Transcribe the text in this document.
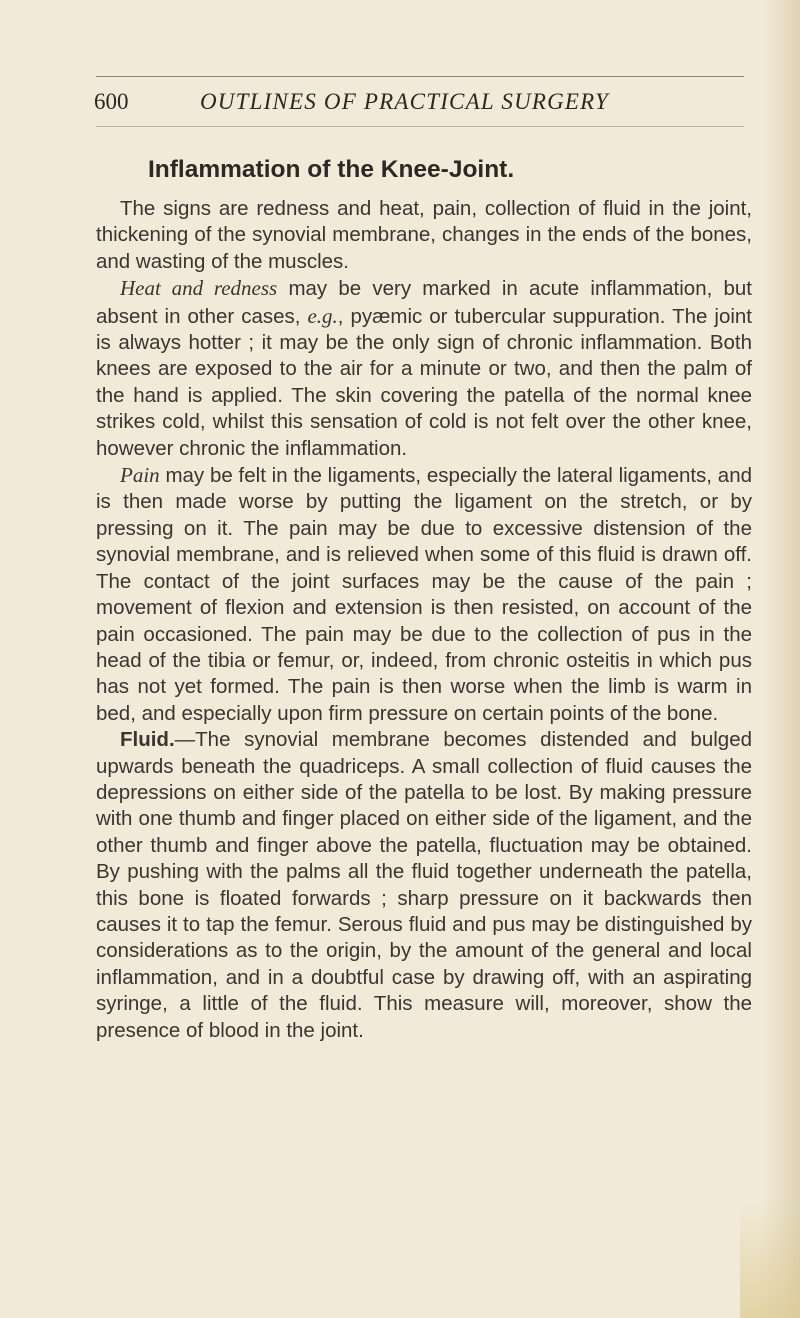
600	OUTLINES OF PRACTICAL SURGERY
Inflammation of the Knee-Joint.

The signs are redness and heat, pain, collection of fluid in the joint, thickening of the synovial membrane, changes in the ends of the bones, and wasting of the muscles.

Heat and redness may be very marked in acute inflammation, but absent in other cases, e.g., pyæmic or tubercular suppuration. The joint is always hotter ; it may be the only sign of chronic inflammation. Both knees are exposed to the air for a minute or two, and then the palm of the hand is applied. The skin covering the patella of the normal knee strikes cold, whilst this sensation of cold is not felt over the other knee, however chronic the inflammation.

Pain may be felt in the ligaments, especially the lateral ligaments, and is then made worse by putting the ligament on the stretch, or by pressing on it. The pain may be due to excessive distension of the synovial membrane, and is relieved when some of this fluid is drawn off. The contact of the joint surfaces may be the cause of the pain ; movement of flexion and extension is then resisted, on account of the pain occasioned. The pain may be due to the collection of pus in the head of the tibia or femur, or, indeed, from chronic osteitis in which pus has not yet formed. The pain is then worse when the limb is warm in bed, and especially upon firm pressure on certain points of the bone.

Fluid.—The synovial membrane becomes distended and bulged upwards beneath the quadriceps. A small collection of fluid causes the depressions on either side of the patella to be lost. By making pressure with one thumb and finger placed on either side of the ligament, and the other thumb and finger above the patella, fluctuation may be obtained. By pushing with the palms all the fluid together underneath the patella, this bone is floated forwards ; sharp pressure on it backwards then causes it to tap the femur. Serous fluid and pus may be distinguished by considerations as to the origin, by the amount of the general and local inflammation, and in a doubtful case by drawing off, with an aspirating syringe, a little of the fluid. This measure will, moreover, show the presence of blood in the joint.
